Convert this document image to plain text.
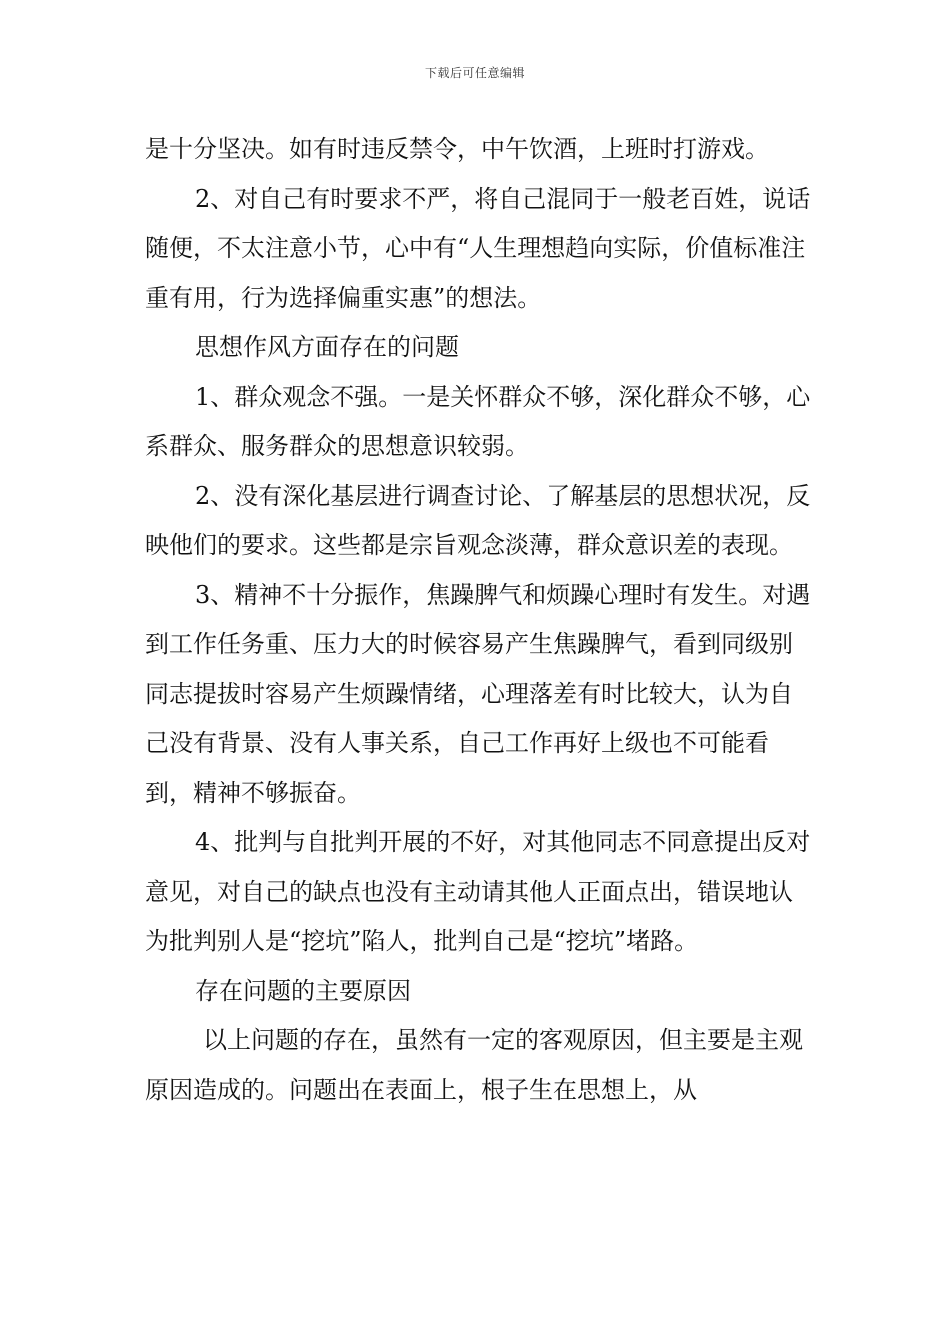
下载后可任意编辑

是十分坚决。如有时违反禁令，中午饮酒，上班时打游戏。

2、对自己有时要求不严，将自己混同于一般老百姓，说话随便，不太注意小节，心中有“人生理想趋向实际，价值标准注重有用，行为选择偏重实惠”的想法。

思想作风方面存在的问题

1、群众观念不强。一是关怀群众不够，深化群众不够，心系群众、服务群众的思想意识较弱。

2、没有深化基层进行调查讨论、了解基层的思想状况，反映他们的要求。这些都是宗旨观念淡薄，群众意识差的表现。

3、精神不十分振作，焦躁脾气和烦躁心理时有发生。对遇到工作任务重、压力大的时候容易产生焦躁脾气，看到同级别同志提拔时容易产生烦躁情绪，心理落差有时比较大，认为自己没有背景、没有人事关系，自己工作再好上级也不可能看到，精神不够振奋。

4、批判与自批判开展的不好，对其他同志不同意提出反对意见，对自己的缺点也没有主动请其他人正面点出，错误地认为批判别人是“挖坑”陷人，批判自己是“挖坑”堵路。

存在问题的主要原因

以上问题的存在，虽然有一定的客观原因，但主要是主观原因造成的。问题出在表面上，根子生在思想上，从
